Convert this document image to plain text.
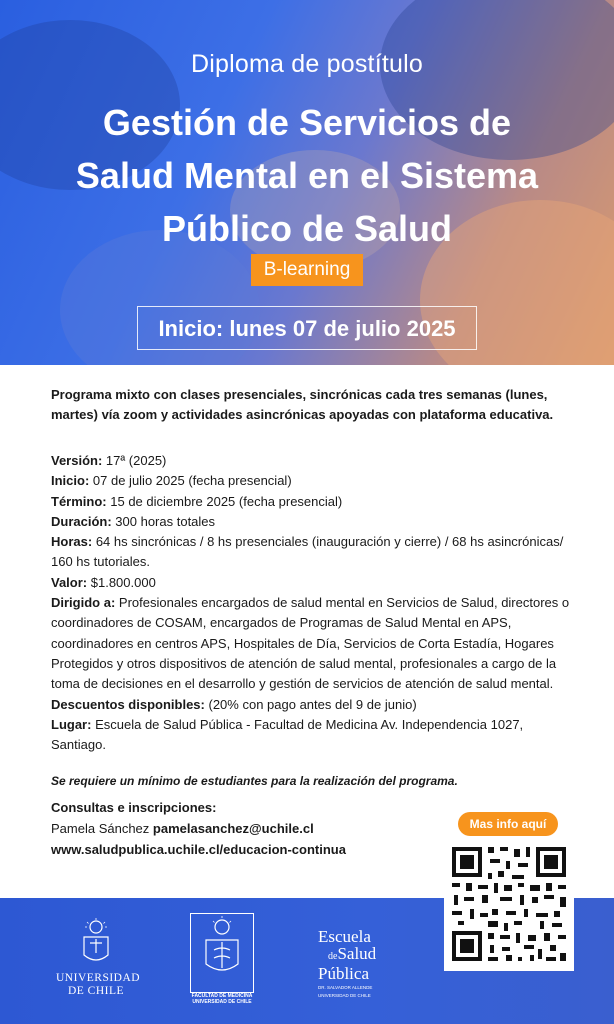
Diploma de postítulo
Gestión de Servicios de Salud Mental en el Sistema Público de Salud
B-learning
Inicio: lunes 07 de julio 2025

Programa mixto con clases presenciales, sincrónicas cada tres semanas (lunes, martes) vía zoom y actividades asincrónicas apoyadas con plataforma educativa.

Versión: 17ª (2025)

Inicio: 07 de julio 2025 (fecha presencial)

Término: 15 de diciembre 2025 (fecha presencial)

Duración: 300 horas totales

Horas: 64 hs sincrónicas / 8 hs presenciales (inauguración y cierre) / 68 hs asincrónicas/ 160 hs tutoriales.

Valor: $1.800.000

Dirigido a: Profesionales encargados de salud mental en Servicios de Salud, directores o coordinadores de COSAM, encargados de Programas de Salud Mental en APS, coordinadores en centros APS, Hospitales de Día, Servicios de Corta Estadía, Hogares Protegidos y otros dispositivos de atención de salud mental, profesionales a cargo de la toma de decisiones en el desarrollo y gestión de servicios de atención de salud mental.

Descuentos disponibles: (20% con pago antes del 9 de junio)

Lugar: Escuela de Salud Pública - Facultad de Medicina Av. Independencia 1027, Santiago.

Se requiere un mínimo de estudiantes para la realización del programa.

Consultas e inscripciones:

Pamela Sánchez pamelasanchez@uchile.cl

www.saludpublica.uchile.cl/educacion-continua

UNIVERSIDAD
DE CHILE	FACULTAD DE MEDICINA
UNIVERSIDAD DE CHILE
Escuela
deSalud
Pública
DR. SALVADOR ALLENDE
UNIVERSIDAD DE CHILE
Mas info aquí
